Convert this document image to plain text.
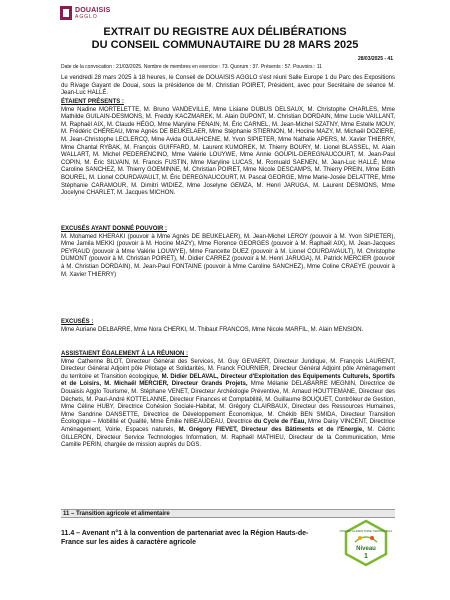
DOUAISIS
AGGLO
EXTRAIT DU REGISTRE AUX DÉLIBÉRATIONS
DU CONSEIL COMMUNAUTAIRE DU 28 MARS 2025
28/03/2025 - 41
Date de la convocation : 21/03/2025. Nombre de membres en exercice : 73. Quorum : 37. Présents : 57. Pouvoirs : 11

Le vendredi 28 mars 2025 à 18 heures, le Conseil de DOUAISIS AGGLO s'est réuni Salle Europe 1 du Parc des Expositions du Rivage Gayant de Douai, sous la présidence de M. Christian POIRET, Président, avec pour Secrétaire de séance M. Jean-Luc HALLÉ.

ÉTAIENT PRÉSENTS :

Mme Nadine MORTELETTE, M. Bruno VANDEVILLE, Mme Lisiane DUBUS DELSAUX, M. Christophe CHARLES, Mme Mathilde GUILAIN-DESMONS, M. Freddy KACZMAREK, M. Alain DUPONT, M. Christian DORDAIN, Mme Lucie VAILLANT, M. Raphaël AIX, M. Claude HÉGO, Mme Maryline FENAIN, M. Éric CARNEL, M. Jean-Michel SZATNY, Mme Estelle MOUY, M. Frédéric CHÉREAU, Mme Agnès DE BEUKELAER, Mme Stéphanie STIERNON, M. Hocine MAZY, M. Michaël DOZIERE, M. Jean-Christophe LECLERCQ, Mme Avida OULAHCENE, M. Yvon SIPIETER, Mme Nathalie APERS, M. Xavier THIERRY, Mme Chantal RYBAK, M. François GUIFFARD, M. Laurent KUMOREK, M. Thierry BOURY, M. Lionel BLASSEL, M. Alain WALLART, M. Michel PEDERENCINO, Mme Valérie LOUYWE, Mme Annie GOUPIL-DEREGNAUCOURT, M. Jean-Paul COPIN, M. Éric SILVAIN, M. Francis FUSTIN, Mme Maryline LUCAS, M. Romuald SAENEN, M. Jean-Luc HALLÉ, Mme Caroline SANCHEZ, M. Thierry GOEMINNE, M. Christian POIRET, Mme Nicole DESCAMPS, M. Thierry PREIN, Mme Edith BOUREL, M. Lionel COURDAVAULT, M. Éric DEREGNAUCOURT, M. Pascal GEORGE, Mme Marie-Josée DELATTRE, Mme Stéphanie CARAMOUR, M. Dimitri WIDIEZ, Mme Joselyne GEMZA, M. Henri JARUGA, M. Laurent DESMONS, Mme Jocelyne CHARLET, M. Jacques MICHON.

EXCUSÉS AYANT DONNÉ POUVOIR :

M. Mohamed KHERAKI (pouvoir à Mme Agnès DE BEUKELAER), M. Jean-Michel LEROY (pouvoir à M. Yvon SIPIETER), Mme Jamila MEKKI (pouvoir à M. Hocine MAZY), Mme Florence GEORGES (pouvoir à M. Raphaël AIX), M. Jean-Jacques PEYRAUD (pouvoir à Mme Valérie LOUWYE), Mme Francette DUEZ (pouvoir à M. Lionel COURDAVAULT), M. Christophe DUMONT (pouvoir à M. Christian POIRET), M. Didier CARREZ (pouvoir à M. Henri JARUGA), M. Patrick MERCIER (pouvoir à M. Christian DORDAIN), M. Jean-Paul FONTAINE (pouvoir à Mme Caroline SANCHEZ), Mme Coline CRAEYE (pouvoir à M. Xavier THIERRY)

EXCUSÉS :

Mme Auriane DELBARRE, Mme Nora CHERKI, M. Thibaut FRANCOS, Mme Nicole MARFIL, M. Alain MENSION.

ASSISTAIENT ÉGALEMENT À LA RÉUNION :

Mme Catherine BLOT, Directeur Général des Services, M. Guy GEVAERT, Directeur Juridique, M. François LAURENT, Directeur Général Adjoint pôle Pilotage et Solidarités, M. Franck FOURNIER, Directeur Général Adjoint pôle Aménagement du territoire et Transition écologique, M. Didier DELAVAL, Directeur d'Exploitation des Equipements Culturels, Sportifs et de Loisirs, M. Michaël MERCIER, Directeur Grands Projets, Mme Mélanie DELABARRE MEGNIN, Directrice de Douaisis Agglo Tourisme, M. Stéphane VENET, Directeur Archéologie Préventive, M. Arnaud HOUTTEMANE, Directeur des Déchets, M. Paul-André KOTTELANNE, Directeur Finances et Comptabilité, M. Guillaume BOUQUET, Contrôleur de Gestion, Mme Céline HUBY, Directrice Cohésion Sociale-Habitat, M. Grégory CLAIRBAUX, Directeur des Ressources Humaines, Mme Sandrine DANSETTE, Directrice de Développement Économique, M. Chékib BEN SMIDA, Directeur Transition Écologique – Mobilité et Qualité, Mme Émilie NIBEAUDEAU, Directrice du Cycle de l'Eau, Mme Daisy VINCENT, Directrice Aménagement, Voirie, Espaces naturels, M. Grégory FIEVET, Directeur des Bâtiments et de l'Energie, M. Cédric GILLERON, Directeur Service Technologies Information, M. Raphaël MATHIEU, Directeur de la Communication, Mme Camille PERIN, chargée de mission auprès du DGS.

11 – Transition agricole et alimentaire
11.4 – Avenant n°1 à la convention de partenariat avec la Région Hauts-de-France sur les aides à caractère agricole
PROJET ALIMENTAIRE TERRITORIAL
Niveau
1
